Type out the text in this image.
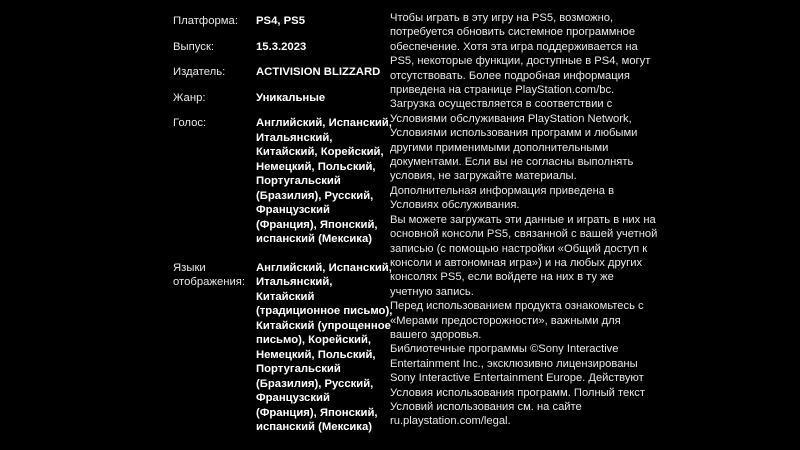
Платформа:	PS4, PS5
Выпуск:	15.3.2023
Издатель:	ACTIVISION BLIZZARD
Жанр:	Уникальные
Голос:	Английский, Испанский, Итальянский, Китайский, Корейский, Немецкий, Польский, Португальский (Бразилия), Русский, Французский (Франция), Японский, испанский (Мексика)
Языки
отображения:
Английский, Испанский, Итальянский, Китайский (традиционное письмо), Китайский (упрощенное письмо), Корейский, Немецкий, Польский, Португальский (Бразилия), Русский, Французский (Франция), Японский, испанский (Мексика)

Чтобы играть в эту игру на PS5, возможно, потребуется обновить системное программное обеспечение. Хотя эта игра поддерживается на PS5, некоторые функции, доступные в PS4, могут отсутствовать. Более подробная информация приведена на странице PlayStation.com/bc.

Загрузка осуществляется в соответствии с Условиями обслуживания PlayStation Network, Условиями использования программ и любыми другими применимыми дополнительными документами. Если вы не согласны выполнять условия, не загружайте материалы. Дополнительная информация приведена в Условиях обслуживания.

Вы можете загружать эти данные и играть в них на основной консоли PS5, связанной с вашей учетной записью (с помощью настройки «Общий доступ к консоли и автономная игра») и на любых других консолях PS5, если войдете на них в ту же учетную запись.

Перед использованием продукта ознакомьтесь с «Мерами предосторожности», важными для вашего здоровья.

Библиотечные программы ©Sony Interactive Entertainment Inc., эксклюзивно лицензированы Sony Interactive Entertainment Europe. Действуют Условия использования программ. Полный текст Условий использования см. на сайте ru.playstation.com/legal.
